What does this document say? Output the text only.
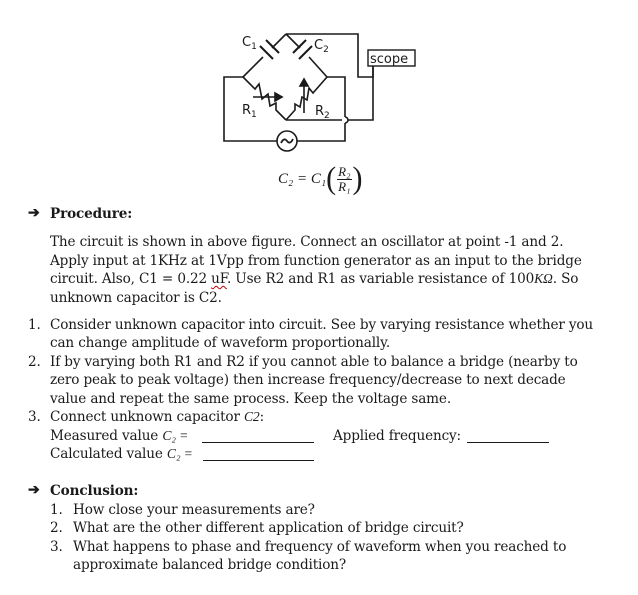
$C_1$	$C_2$
$R_1$	$R_2$
scope
C₂ = C₁ ( $\frac{\text{R₂}}{\text{R₁}}$ )
➔ Procedure:
The circuit is shown in above figure. Connect an oscillator at point -1 and 2.
Apply input at 1KHz at 1Vpp from function generator as an input to the bridge
circuit. Also, C1 = 0.22 uF. Use R2 and R1 as variable resistance of 100KΩ. So
unknown capacitor is C2.
1. Consider unknown capacitor into circuit. See by varying resistance whether you
can change amplitude of waveform proportionally.
2. If by varying both R1 and R2 if you cannot able to balance a bridge (nearby to
zero peak to peak voltage) then increase frequency/decrease to next decade
value and repeat the same process. Keep the voltage same.
3. Connect unknown capacitor C2:
Measured value C₂ =	Applied frequency:
Calculated value C₂ =
➔ Conclusion:
1. How close your measurements are?
2. What are the other different application of bridge circuit?
3. What happens to phase and frequency of waveform when you reached to
approximate balanced bridge condition?
